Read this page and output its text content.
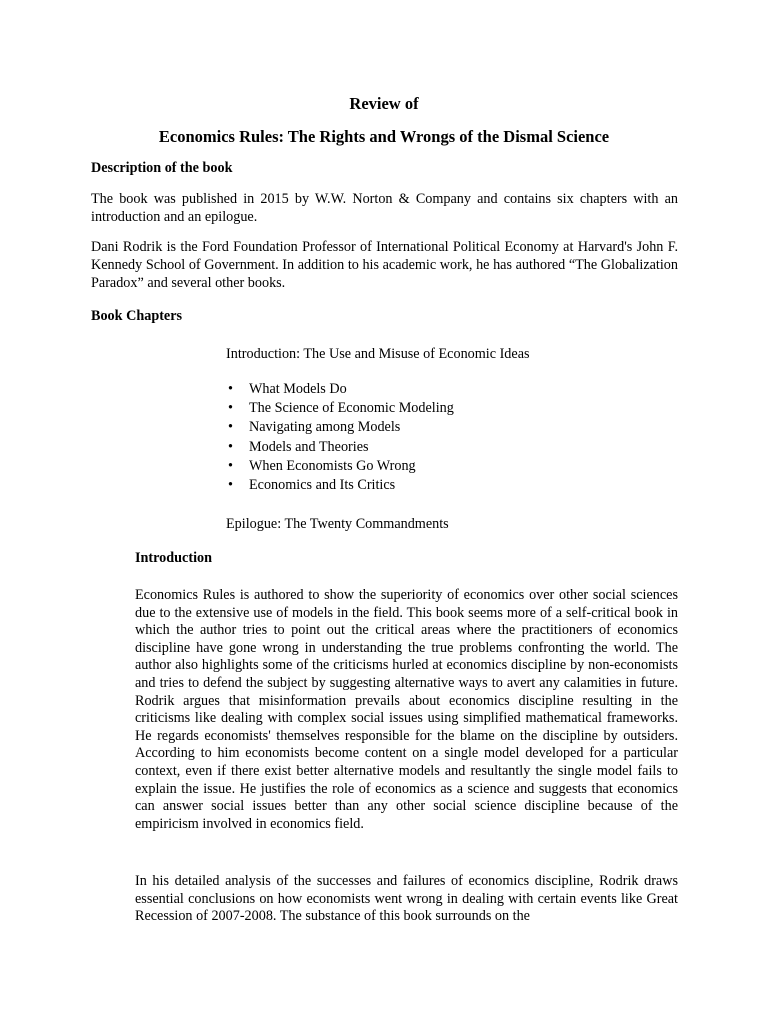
Review of

Economics Rules: The Rights and Wrongs of the Dismal Science

Description of the book

The book was published in 2015 by W.W. Norton & Company and contains six chapters with an introduction and an epilogue.

Dani Rodrik is the Ford Foundation Professor of International Political Economy at Harvard's John F. Kennedy School of Government. In addition to his academic work, he has authored “The Globalization Paradox” and several other books.

Book Chapters

Introduction: The Use and Misuse of Economic Ideas

• What Models Do
• The Science of Economic Modeling
• Navigating among Models
• Models and Theories
• When Economists Go Wrong
• Economics and Its Critics

Epilogue: The Twenty Commandments

Introduction

Economics Rules is authored to show the superiority of economics over other social sciences due to the extensive use of models in the field. This book seems more of a self-critical book in which the author tries to point out the critical areas where the practitioners of economics discipline have gone wrong in understanding the true problems confronting the world. The author also highlights some of the criticisms hurled at economics discipline by non-economists and tries to defend the subject by suggesting alternative ways to avert any calamities in future. Rodrik argues that misinformation prevails about economics discipline resulting in the criticisms like dealing with complex social issues using simplified mathematical frameworks. He regards economists' themselves responsible for the blame on the discipline by outsiders. According to him economists become content on a single model developed for a particular context, even if there exist better alternative models and resultantly the single model fails to explain the issue. He justifies the role of economics as a science and suggests that economics can answer social issues better than any other social science discipline because of the empiricism involved in economics field.

In his detailed analysis of the successes and failures of economics discipline, Rodrik draws essential conclusions on how economists went wrong in dealing with certain events like Great Recession of 2007-2008. The substance of this book surrounds on the
